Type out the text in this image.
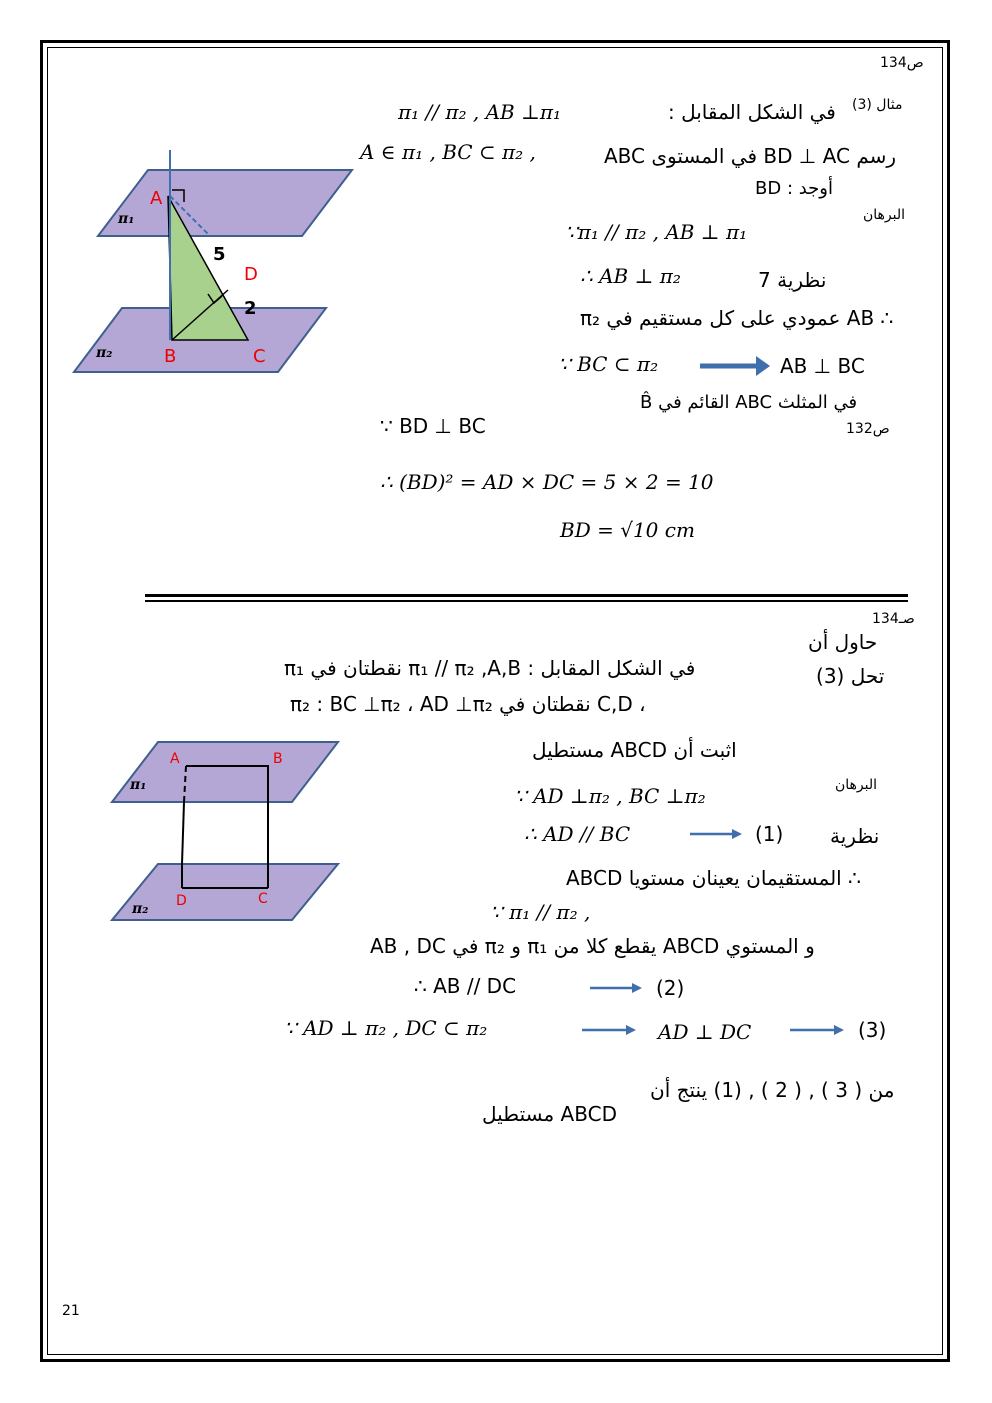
ص134
مثال (3)
في الشكل المقابل :
π₁ // π₂ , AB ⊥π₁
رسم BD ⊥ AC في المستوى ABC
A ∈ π₁ , BC ⊂ π₂ ,
أوجد : BD
البرهان
∵π₁ // π₂ , AB ⊥ π₁
∴ AB ⊥ π₂	نظرية 7
∴ AB عمودي على كل مستقيم في π₂
∵ BC ⊂ π₂	AB ⊥ BC
في المثلث ABC القائم في B̂
ص132
∵ BD ⊥ BC
∴ (BD)² = AD × DC = 5 × 2 = 10
BD = √10 cm
A
D
B	C
5
2
π₁
π₂
صـ134
حاول أن
تحل (3)
في الشكل المقابل : π₁ // π₂ ,A,B نقطتان في π₁
، C,D نقطتان في π₂ : BC ⊥π₂ ، AD ⊥π₂
اثبت أن ABCD مستطيل
البرهان
∵ AD ⊥π₂ , BC ⊥π₂
نظرية
∴ AD // BC	(1)
∴ المستقيمان يعينان مستويا ABCD
∵ π₁ // π₂ ,
و المستوي ABCD يقطع كلا من π₁ و π₂ في AB , DC
∴ AB // DC	(2)
∵ AD ⊥ π₂ , DC ⊂ π₂	AD ⊥ DC	(3)
من ( 3 ) , ( 2 ) , (1) ينتج أن
ABCD مستطيل
A	B
D	C
π₁
π₂
21
